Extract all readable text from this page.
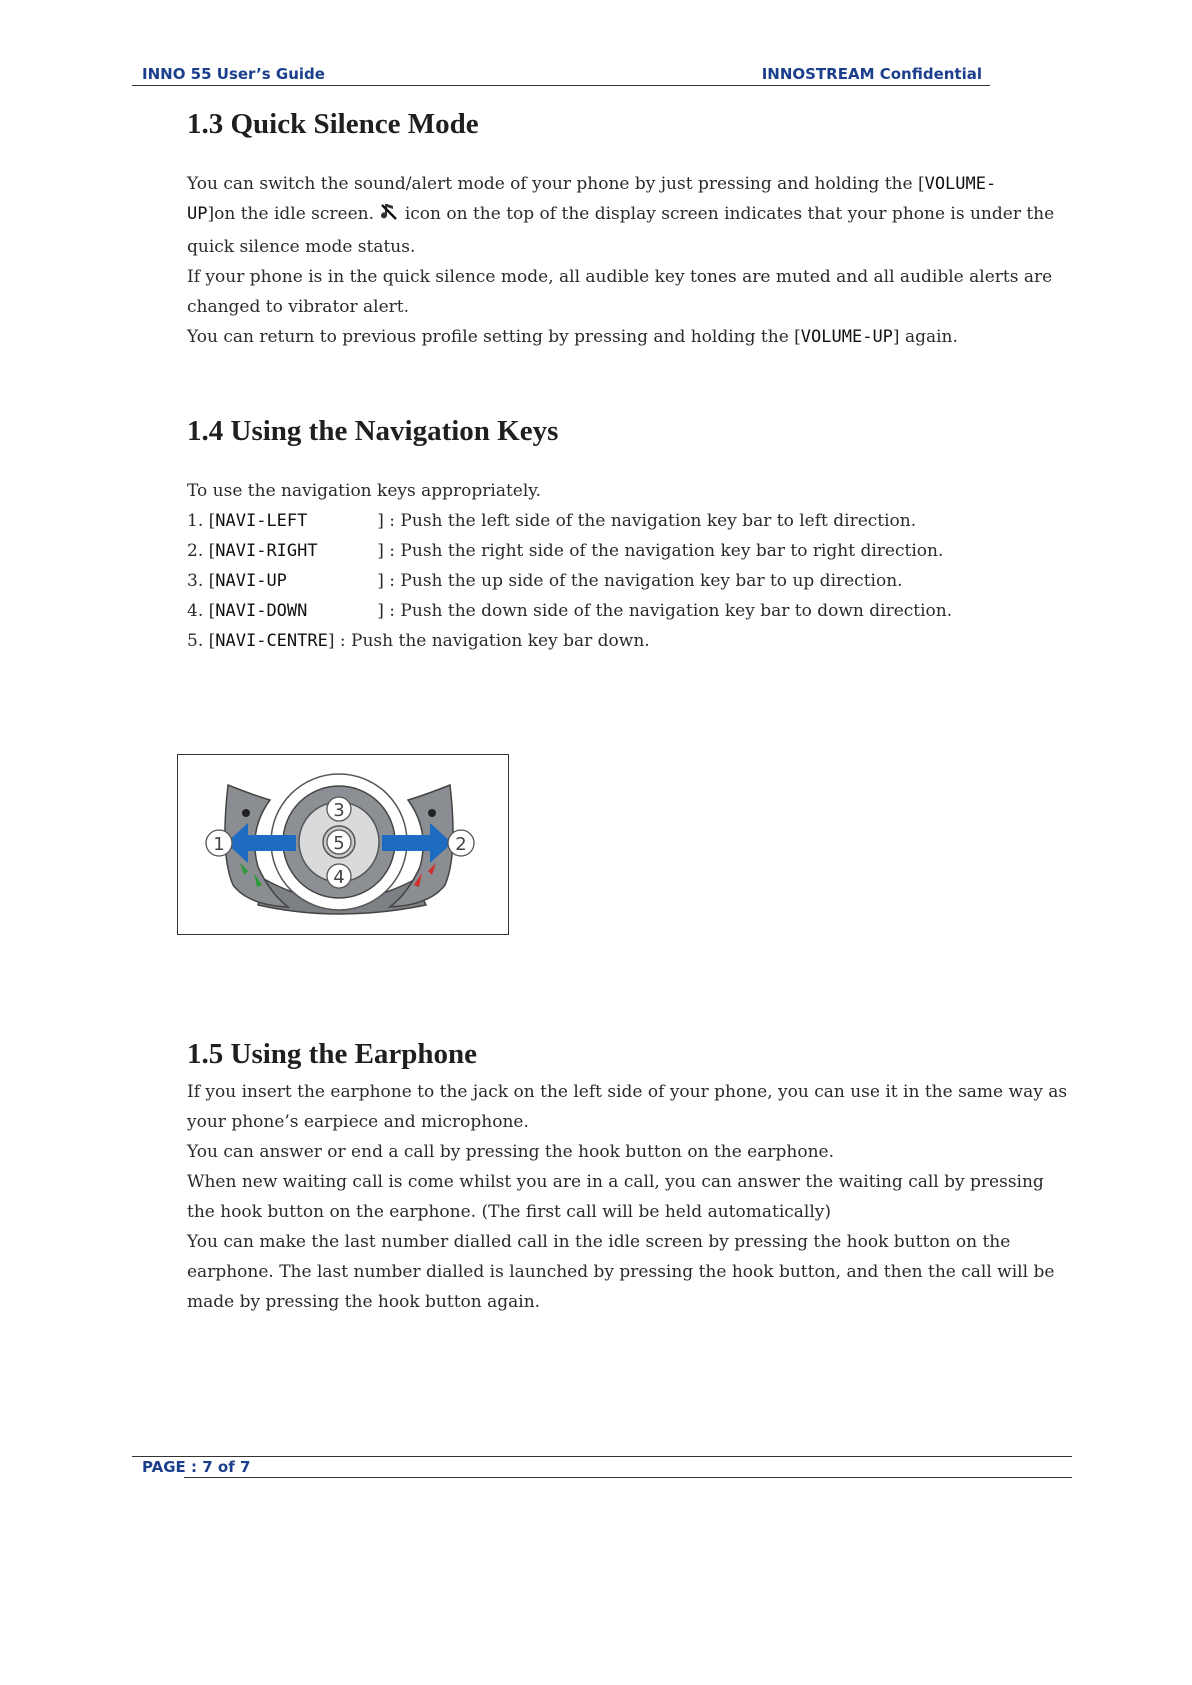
INNO 55 User’s Guide	INNOSTREAM Confidential
1.3 Quick Silence Mode

You can switch the sound/alert mode of your phone by just pressing and holding the [VOLUME-
UP]on the idle screen.  icon on the top of the display screen indicates that your phone is under the quick silence mode status.

If your phone is in the quick silence mode, all audible key tones are muted and all audible alerts are changed to vibrator alert.

You can return to previous profile setting by pressing and holding the [VOLUME-UP] again.

1.4 Using the Navigation Keys

To use the navigation keys appropriately.

1. [NAVI-LEFT	] : Push the left side of the navigation key bar to left direction.
2. [NAVI-RIGHT	] : Push the right side of the navigation key bar to right direction.
3. [NAVI-UP	] : Push the up side of the navigation key bar to up direction.
4. [NAVI-DOWN	] : Push the down side of the navigation key bar to down direction.
5. [NAVI-CENTRE] : Push the navigation key bar down.
1	2
3
4
5
1.5 Using the Earphone

If you insert the earphone to the jack on the left side of your phone, you can use it in the same way as your phone’s earpiece and microphone.

You can answer or end a call by pressing the hook button on the earphone.

When new waiting call is come whilst you are in a call, you can answer the waiting call by pressing the hook button on the earphone. (The first call will be held automatically)

You can make the last number dialled call in the idle screen by pressing the hook button on the earphone. The last number dialled is launched by pressing the hook button, and then the call will be made by pressing the hook button again.

PAGE : 7 of 7
